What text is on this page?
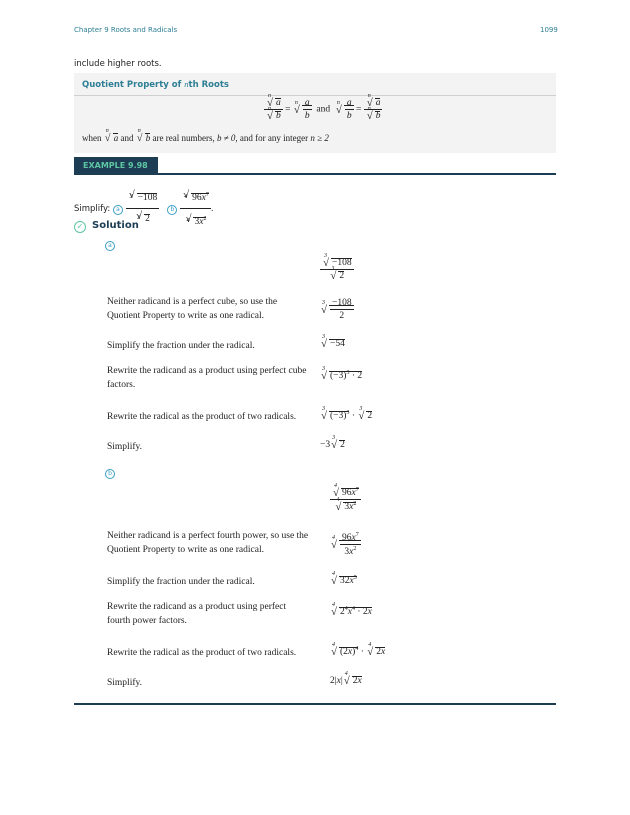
Chapter 9 Roots and Radicals	1099
include higher roots.
Quotient Property of nth Roots
√ n
a
√ n
b =
√ n $\frac{a}{b}$ and
√ n $\frac{a}{b}$ = √ n
a
√ n
b
when
√ n
a and
√ n
b are real numbers, b ≠ 0, and for any integer n ≥ 2
EXAMPLE 9.98
Simplify: a √ 3 −108
√ 3 2 b √ 4 $96x^7$
√ 4 $3x^2$ .
✓ Solution
a
√ 3
−108
√ 3
2
Neither radicand is a perfect cube, so use the Quotient Property to write as one radical.
√ $3 \frac{-108}{2}$
Simplify the fraction under the radical.
√ 3
−54
Rewrite the radicand as a product using perfect cube factors.
√ 3
$(-3)^3 \cdot 2$
Rewrite the radical as the product of two radicals.
√ 3
$(-3)^3$ ·
√ 3
2
Simplify.	−3
√ 3
2
b
√ 4
$96x^7$
√ 4
$3x^2$
Neither radicand is a perfect fourth power, so use the Quotient Property to write as one radical.
√ $4 \frac{96x^7}{3x^2}$
Simplify the fraction under the radical.
√ 4
$32x^5$
Rewrite the radicand as a product using perfect fourth power factors.
√ 4
$2^4x^4 \cdot 2x$
Rewrite the radical as the product of two radicals.
√ 4
$(2x)^4$ ·
√ 4
2x
Simplify.	2|x|
√ 4
2x
